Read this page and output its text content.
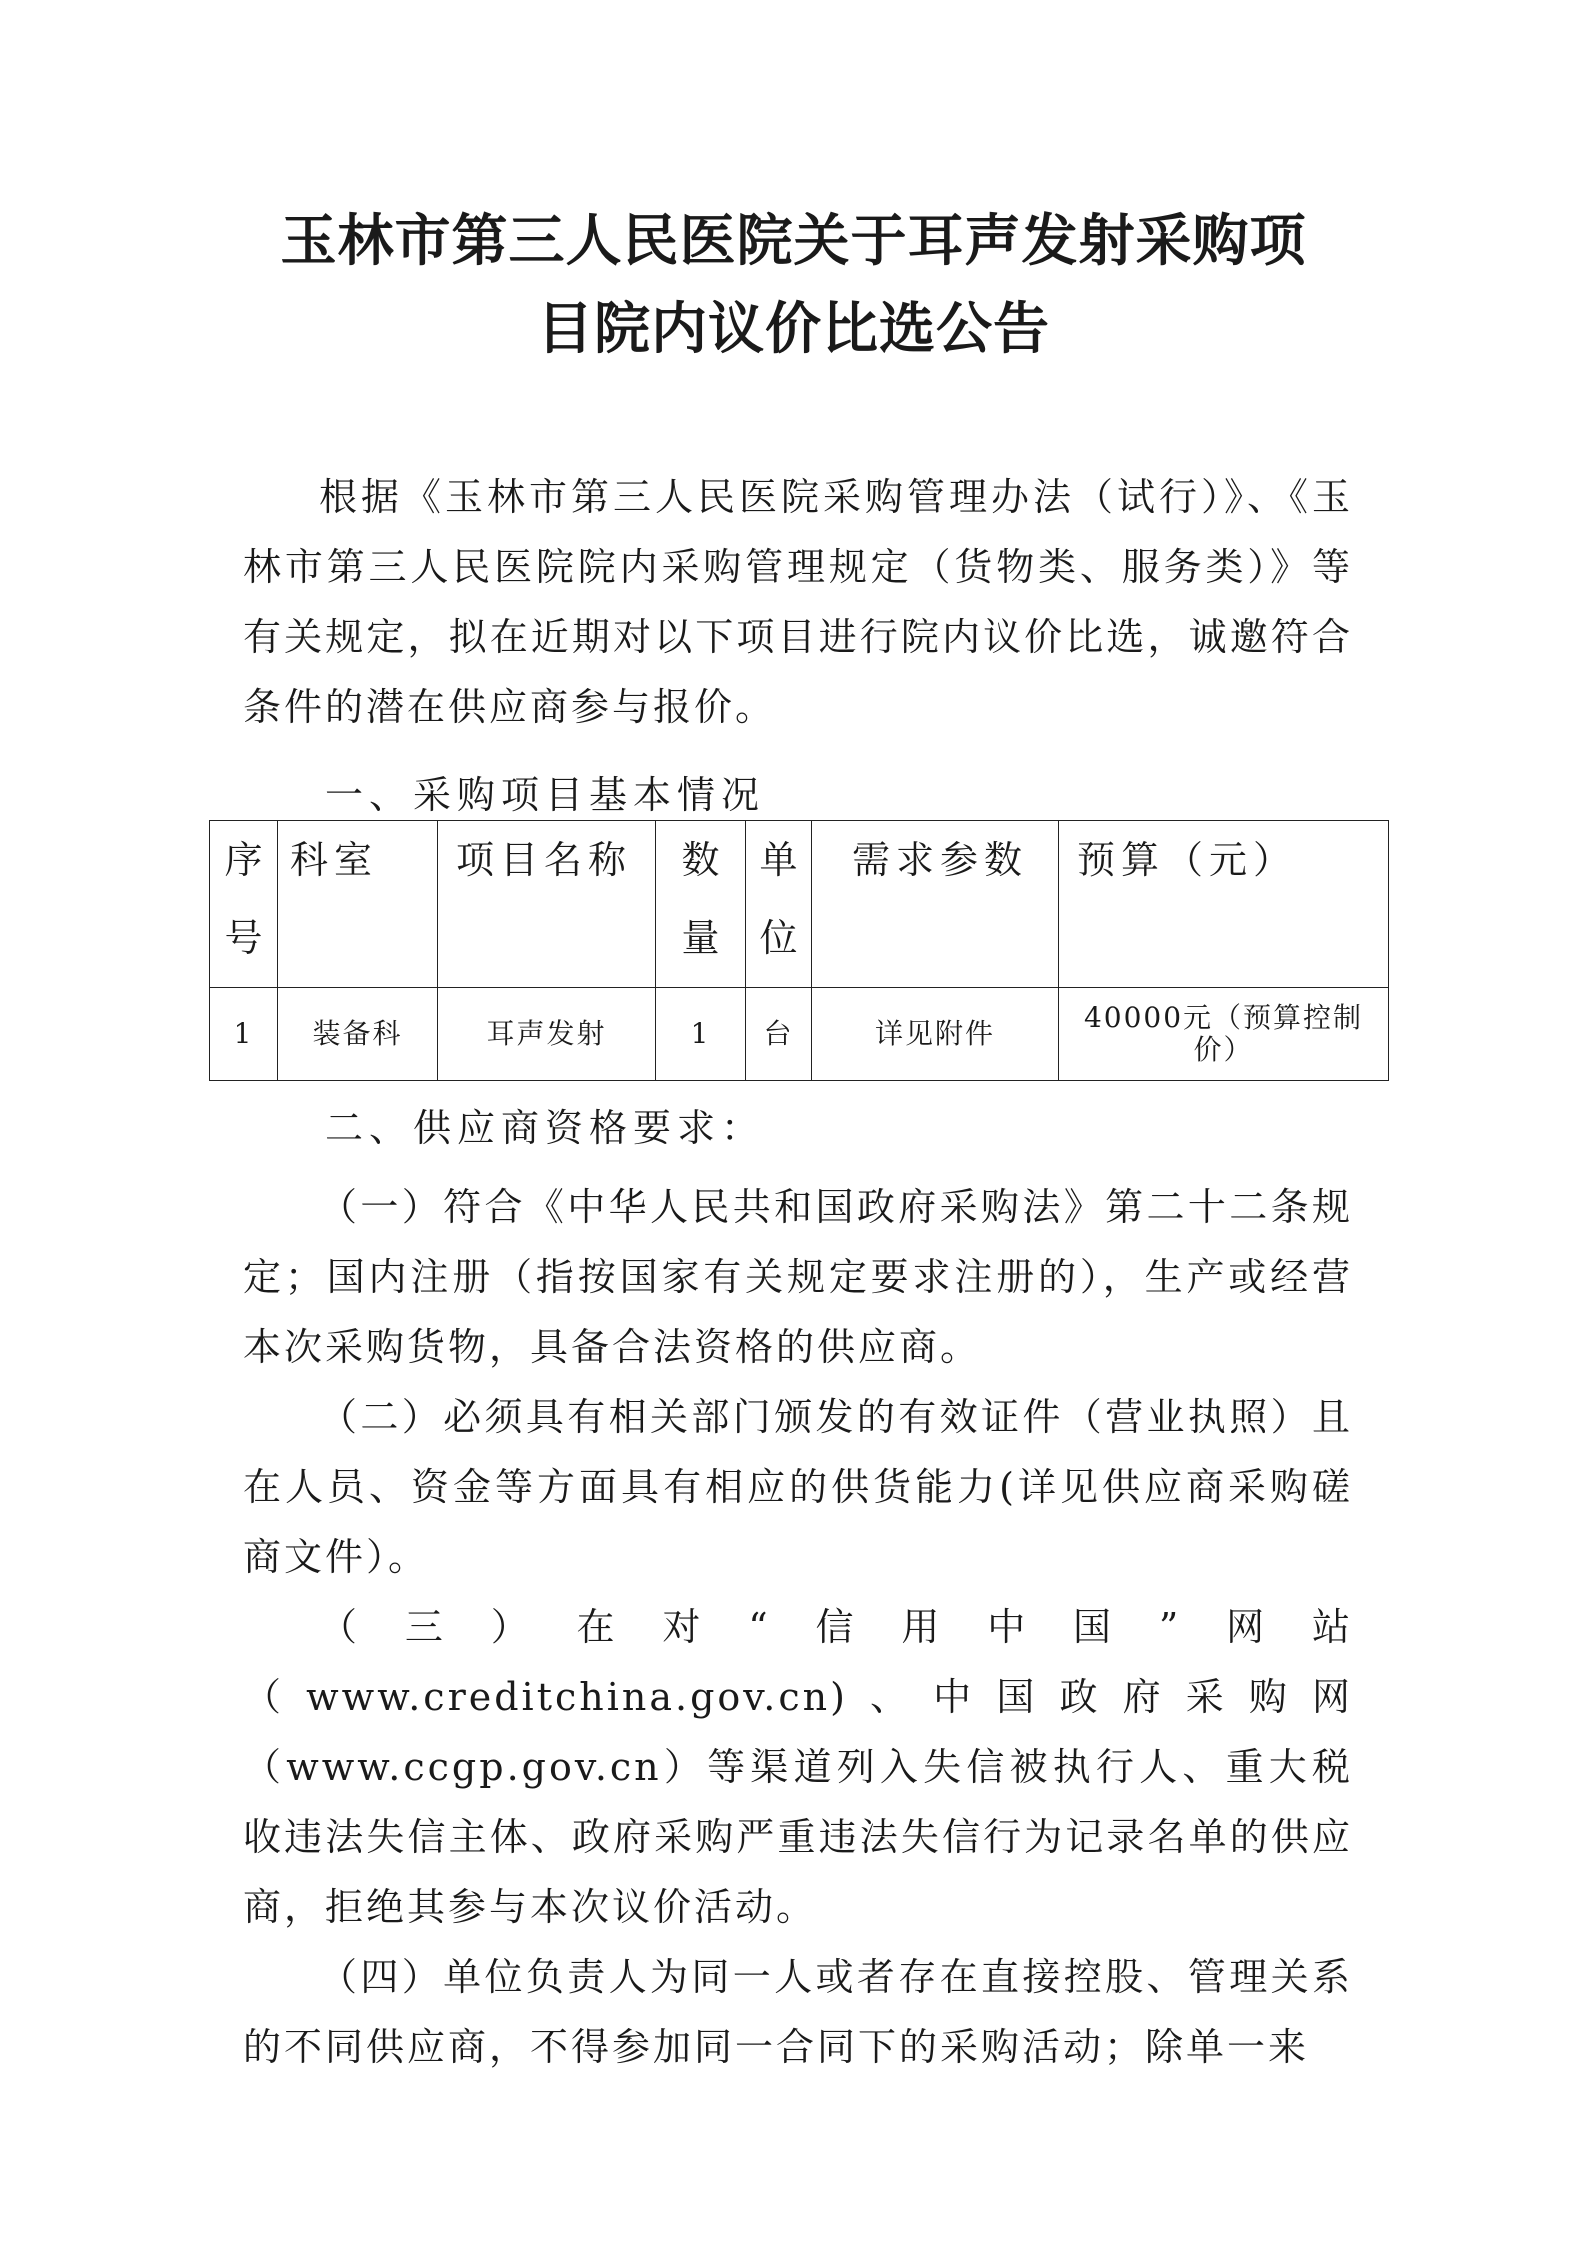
玉林市第三人民医院关于耳声发射采购项
目院内议价比选公告

根据《玉林市第三人民医院采购管理办法（试行）》、《玉林市第三人民医院院内采购管理规定（货物类、服务类）》等有关规定，拟在近期对以下项目进行院内议价比选，诚邀符合条件的潜在供应商参与报价。

一、采购项目基本情况
序号	科室	项目名称	数量	单位	需求参数	预算（元）
1	装备科	耳声发射	1	台	详见附件	40000元（预算控制价）
二、供应商资格要求：

（一）符合《中华人民共和国政府采购法》第二十二条规定；国内注册（指按国家有关规定要求注册的），生产或经营本次采购货物，具备合法资格的供应商。

（二）必须具有相关部门颁发的有效证件（营业执照）且在人员、资金等方面具有相应的供货能力(详见供应商采购磋商文件）。

（三）在对“信用中国”网站（www.creditchina.gov.cn)、中国政府采购网（www.ccgp.gov.cn）等渠道列入失信被执行人、重大税收违法失信主体、政府采购严重违法失信行为记录名单的供应商，拒绝其参与本次议价活动。

（四）单位负责人为同一人或者存在直接控股、管理关系的不同供应商，不得参加同一合同下的采购活动；除单一来
